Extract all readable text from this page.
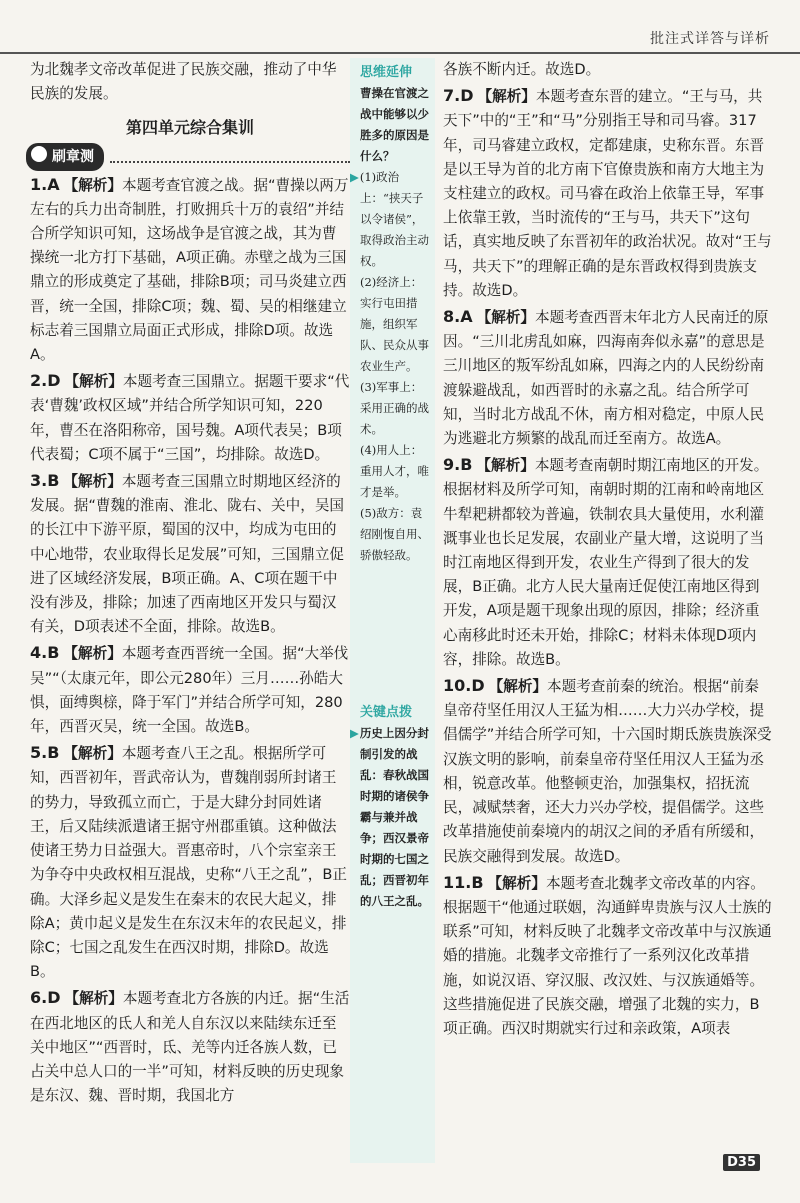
批注式详答与详析

为北魏孝文帝改革促进了民族交融，推动了中华民族的发展。

第四单元综合集训
刷章测
1.A 【解析】本题考查官渡之战。据“曹操以两万左右的兵力出奇制胜，打败拥兵十万的袁绍”并结合所学知识可知，这场战争是官渡之战，其为曹操统一北方打下基础，A项正确。赤壁之战为三国鼎立的形成奠定了基础，排除B项；司马炎建立西晋，统一全国，排除C项；魏、蜀、吴的相继建立标志着三国鼎立局面正式形成，排除D项。故选A。
2.D 【解析】本题考查三国鼎立。据题干要求“代表‘曹魏’政权区域”并结合所学知识可知，220年，曹丕在洛阳称帝，国号魏。A项代表吴；B项代表蜀；C项不属于“三国”，均排除。故选D。
3.B 【解析】本题考查三国鼎立时期地区经济的发展。据“曹魏的淮南、淮北、陇右、关中，吴国的长江中下游平原，蜀国的汉中，均成为屯田的中心地带，农业取得长足发展”可知，三国鼎立促进了区域经济发展，B项正确。A、C项在题干中没有涉及，排除；加速了西南地区开发只与蜀汉有关，D项表述不全面，排除。故选B。
4.B 【解析】本题考查西晋统一全国。据“大举伐吴”“（太康元年，即公元280年）三月……孙皓大惧，面缚舆榇，降于军门”并结合所学可知，280年，西晋灭吴，统一全国。故选B。
5.B 【解析】本题考查八王之乱。根据所学可知，西晋初年，晋武帝认为，曹魏削弱所封诸王的势力，导致孤立而亡，于是大肆分封同姓诸王，后又陆续派遣诸王据守州郡重镇。这种做法使诸王势力日益强大。晋惠帝时，八个宗室亲王为争夺中央政权相互混战，史称“八王之乱”，B正确。大泽乡起义是发生在秦末的农民大起义，排除A；黄巾起义是发生在东汉末年的农民起义，排除C；七国之乱发生在西汉时期，排除D。故选B。
6.D 【解析】本题考查北方各族的内迁。据“生活在西北地区的氐人和羌人自东汉以来陆续东迁至关中地区”“西晋时，氐、羌等内迁各族人数，已占关中总人口的一半”可知，材料反映的历史现象是东汉、魏、晋时期，我国北方
思维延伸
曹操在官渡之战中能够以少胜多的原因是什么？
▶(1)政治上：“挟天子以令诸侯”，取得政治主动权。
(2)经济上：实行屯田措施，组织军队、民众从事农业生产。
(3)军事上：采用正确的战术。
(4)用人上：重用人才，唯才是举。
(5)敌方：袁绍刚愎自用、骄傲轻敌。
关键点拨
▶历史上因分封制引发的战乱：春秋战国时期的诸侯争霸与兼并战争；西汉景帝时期的七国之乱；西晋初年的八王之乱。

各族不断内迁。故选D。

7.D 【解析】本题考查东晋的建立。“王与马，共天下”中的“王”和“马”分别指王导和司马睿。317年，司马睿建立政权，定都建康，史称东晋。东晋是以王导为首的北方南下官僚贵族和南方大地主为支柱建立的政权。司马睿在政治上依靠王导，军事上依靠王敦，当时流传的“王与马，共天下”这句话，真实地反映了东晋初年的政治状况。故对“王与马，共天下”的理解正确的是东晋政权得到贵族支持。故选D。
8.A 【解析】本题考查西晋末年北方人民南迁的原因。“三川北虏乱如麻，四海南奔似永嘉”的意思是三川地区的叛军纷乱如麻，四海之内的人民纷纷南渡躲避战乱，如西晋时的永嘉之乱。结合所学可知，当时北方战乱不休，南方相对稳定，中原人民为逃避北方频繁的战乱而迁至南方。故选A。
9.B 【解析】本题考查南朝时期江南地区的开发。根据材料及所学可知，南朝时期的江南和岭南地区牛犁耙耕都较为普遍，铁制农具大量使用，水利灌溉事业也长足发展，农副业产量大增，这说明了当时江南地区得到开发，农业生产得到了很大的发展，B正确。北方人民大量南迁促使江南地区得到开发，A项是题干现象出现的原因，排除；经济重心南移此时还未开始，排除C；材料未体现D项内容，排除。故选B。
10.D 【解析】本题考查前秦的统治。根据“前秦皇帝苻坚任用汉人王猛为相……大力兴办学校，提倡儒学”并结合所学可知，十六国时期氐族贵族深受汉族文明的影响，前秦皇帝苻坚任用汉人王猛为丞相，锐意改革。他整顿吏治，加强集权，招抚流民，减赋禁奢，还大力兴办学校，提倡儒学。这些改革措施使前秦境内的胡汉之间的矛盾有所缓和，民族交融得到发展。故选D。
11.B 【解析】本题考查北魏孝文帝改革的内容。根据题干“他通过联姻，沟通鲜卑贵族与汉人士族的联系”可知，材料反映了北魏孝文帝改革中与汉族通婚的措施。北魏孝文帝推行了一系列汉化改革措施，如说汉语、穿汉服、改汉姓、与汉族通婚等。这些措施促进了民族交融，增强了北魏的实力，B项正确。西汉时期就实行过和亲政策，A项表
D35
